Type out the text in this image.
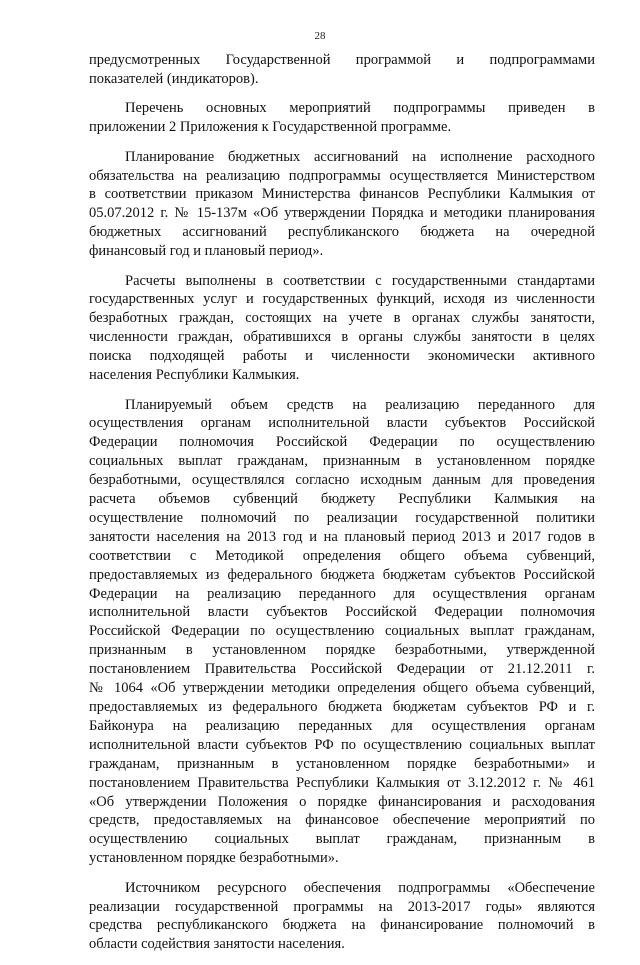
28
предусмотренных Государственной программой и подпрограммами
показателей (индикаторов).
Перечень основных мероприятий подпрограммы приведен в
приложении 2 Приложения к Государственной программе.
Планирование бюджетных ассигнований на исполнение расходного
обязательства на реализацию подпрограммы осуществляется Министерством
в соответствии приказом Министерства финансов Республики Калмыкия от
05.07.2012 г. № 15-137м «Об утверждении Порядка и методики планирования
бюджетных ассигнований республиканского бюджета на очередной
финансовый год и плановый период».
Расчеты выполнены в соответствии с государственными стандартами
государственных услуг и государственных функций, исходя из численности
безработных граждан, состоящих на учете в органах службы занятости,
численности граждан, обратившихся в органы службы занятости в целях
поиска подходящей работы и численности экономически активного
населения Республики Калмыкия.
Планируемый объем средств на реализацию переданного для
осуществления органам исполнительной власти субъектов Российской
Федерации полномочия Российской Федерации по осуществлению
социальных выплат гражданам, признанным в установленном порядке
безработными, осуществлялся согласно исходным данным для проведения
расчета объемов субвенций бюджету Республики Калмыкия на
осуществление полномочий по реализации государственной политики
занятости населения на 2013 год и на плановый период 2013 и 2017 годов в
соответствии с Методикой определения общего объема субвенций,
предоставляемых из федерального бюджета бюджетам субъектов Российской
Федерации на реализацию переданного для осуществления органам
исполнительной власти субъектов Российской Федерации полномочия
Российской Федерации по осуществлению социальных выплат гражданам,
признанным в установленном порядке безработными, утвержденной
постановлением Правительства Российской Федерации от 21.12.2011 г.
№ 1064 «Об утверждении методики определения общего объема субвенций,
предоставляемых из федерального бюджета бюджетам субъектов РФ и г.
Байконура на реализацию переданных для осуществления органам
исполнительной власти субъектов РФ по осуществлению социальных выплат
гражданам, признанным в установленном порядке безработными» и
постановлением Правительства Республики Калмыкия от 3.12.2012 г. № 461
«Об утверждении Положения о порядке финансирования и расходования
средств, предоставляемых на финансовое обеспечение мероприятий по
осуществлению социальных выплат гражданам, признанным в
установленном порядке безработными».
Источником ресурсного обеспечения подпрограммы «Обеспечение
реализации государственной программы на 2013-2017 годы» являются
средства республиканского бюджета на финансирование полномочий в
области содействия занятости населения.
